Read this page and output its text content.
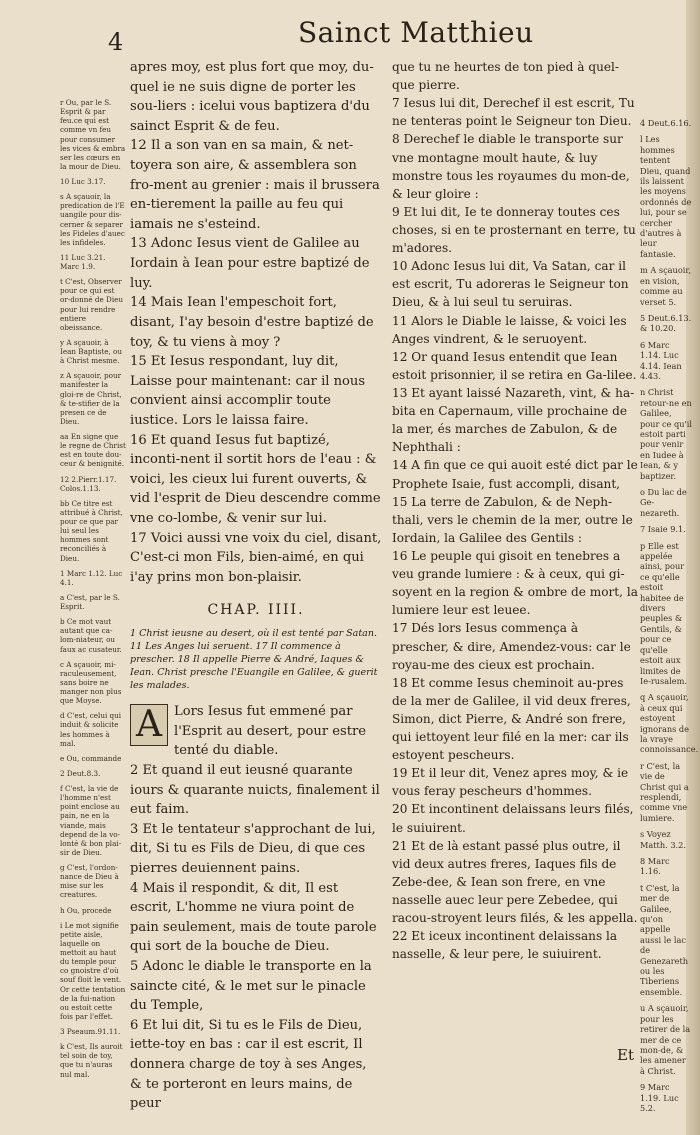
4	Sainct Matthieu
r Ou, par le S. Esprit & par feu.ce qui est comme vn feu pour consumer les vices & embra ser les cœurs en la mour de Dieu.
10 Luc 3.17.
s A sçauoir, la predication de l'E uangile pour dis-cerner & separer les Fideles d'auec les infideles.
11 Luc 3.21. Marc 1.9.
t C'est, Observer pour ce qui est or-donné de Dieu pour lui rendre entiere obeissance.
y A sçauoir, à Iean Baptiste, ou à Christ mesme.
z A sçauoir, pour manifester la gloi-re de Christ, & te-stifier de la presen ce de Dieu.
aa En signe que le regne de Christ est en toute dou-ceur & benignité.
12 2.Pierr.1.17. Colos.1.13.
bb Ce titre est attribué à Christ, pour ce que par lui seul les hommes sont reconciliés à Dieu.
1 Marc 1.12. Luc 4.1.
a C'est, par le S. Esprit.
b Ce mot vaut autant que ca-lom-niateur, ou faux ac cusateur.
c A sçauoir, mi-raculeusement, sans boire ne manger non plus que Moyse.
d C'est, celui qui induit & solicite les hommes à mal.
e Ou, commande
2 Deut.8.3.
f C'est, la vie de l'homme n'est point enclose au pain, ne en la viande, mais depend de la vo-lonté & bon plai-sir de Dieu.
g C'est, l'ordon-nance de Dieu à mise sur les creatures.
h Ou, procede
i Le mot signifie petite aisle, laquelle on mettoit au haut du temple pour co gnoistre d'où souf floit le vent. Or cette tentation de la fui-nation ou estoit cette fois par l'effet.
3 Pseaum.91.11.
k C'est, Ils auroit tel soin de toy, que tu n'auras nul mal.
4 Deut.6.16.
l Les hommes tentent Dieu, quand ils laissent les moyens ordonnés de lui, pour se cercher d'autres à leur fantasie.
m A sçauoir, en vision, comme au verset 5.
5 Deut.6.13. & 10.20.
6 Marc 1.14. Luc 4.14. Iean 4.43.
n Christ retour-ne en Galilee, pour ce qu'il estoit parti pour venir en Iudee à Iean, & y baptizer.
o Du lac de Ge-nezareth.
7 Isaie 9.1.
p Elle est appelée ainsi, pour ce qu'elle estoit habitee de divers peuples & Gentils, & pour ce qu'elle estoit aux limites de Ie-rusalem.
q A sçauoir, à ceux qui estoyent ignorans de la vraye connoissance.
r C'est, la vie de Christ qui a resplendi, comme vne lumiere.
s Voyez Matth. 3.2.
8 Marc 1.16.
t C'est, la mer de Galilee, qu'on appelle aussi le lac de Genezareth ou les Tiberiens ensemble.
u A sçauoir, pour les retirer de la mer de ce mon-de, & les amener à Christ.
9 Marc 1.19. Luc 5.2.
apres moy, est plus fort que moy, du-quel ie ne suis digne de porter les sou-liers : icelui vous baptizera d'du sainct Esprit & de feu.
12 Il a son van en sa main, & net-toyera son aire, & assemblera son fro-ment au grenier : mais il brussera en-tierement la paille au feu qui iamais ne s'esteind.
13 Adonc Iesus vient de Galilee au Iordain à Iean pour estre baptizé de luy.
14 Mais Iean l'empeschoit fort, disant, I'ay besoin d'estre baptizé de toy, & tu viens à moy ?
15 Et Iesus respondant, luy dit, Laisse pour maintenant: car il nous convient ainsi accomplir toute iustice. Lors le laissa faire.
16 Et quand Iesus fut baptizé, inconti-nent il sortit hors de l'eau : & voici, les cieux lui furent ouverts, & vid l'esprit de Dieu descendre comme vne co-lombe, & venir sur lui.
17 Voici aussi vne voix du ciel, disant, C'est-ci mon Fils, bien-aimé, en qui i'ay prins mon bon-plaisir.
CHAP. IIII.
1 Christ ieusne au desert, où il est tenté par Satan. 11 Les Anges lui seruent. 17 Il commence à prescher. 18 Il appelle Pierre & André, Iaques & Iean. Christ presche l'Euangile en Galilee, & guerit les malades.
A Lors Iesus fut emmené par l'Esprit au desert, pour estre tenté du diable.
2 Et quand il eut ieusné quarante iours & quarante nuicts, finalement il eut faim.
3 Et le tentateur s'approchant de lui, dit, Si tu es Fils de Dieu, di que ces pierres deuiennent pains.
4 Mais il respondit, & dit, Il est escrit, L'homme ne viura point de pain seulement, mais de toute parole qui sort de la bouche de Dieu.
5 Adonc le diable le transporte en la saincte cité, & le met sur le pinacle du Temple,
6 Et lui dit, Si tu es le Fils de Dieu, iette-toy en bas : car il est escrit, Il donnera charge de toy à ses Anges, & te porteront en leurs mains, de peur
que tu ne heurtes de ton pied à quel-que pierre.
7 Iesus lui dit, Derechef il est escrit, Tu ne tenteras point le Seigneur ton Dieu.
8 Derechef le diable le transporte sur vne montagne moult haute, & luy monstre tous les royaumes du mon-de, & leur gloire :
9 Et lui dit, Ie te donneray toutes ces choses, si en te prosternant en terre, tu m'adores.
10 Adonc Iesus lui dit, Va Satan, car il est escrit, Tu adoreras le Seigneur ton Dieu, & à lui seul tu seruiras.
11 Alors le Diable le laisse, & voici les Anges vindrent, & le seruoyent.
12 Or quand Iesus entendit que Iean estoit prisonnier, il se retira en Ga-lilee.
13 Et ayant laissé Nazareth, vint, & ha-bita en Capernaum, ville prochaine de la mer, és marches de Zabulon, & de Nephthali :
14 A fin que ce qui auoit esté dict par le Prophete Isaie, fust accompli, disant,
15 La terre de Zabulon, & de Neph-thali, vers le chemin de la mer, outre le Iordain, la Galilee des Gentils :
16 Le peuple qui gisoit en tenebres a veu grande lumiere : & à ceux, qui gi-soyent en la region & ombre de mort, la lumiere leur est leuee.
17 Dés lors Iesus commença à prescher, & dire, Amendez-vous: car le royau-me des cieux est prochain.
18 Et comme Iesus cheminoit au-pres de la mer de Galilee, il vid deux freres, Simon, dict Pierre, & André son frere, qui iettoyent leur filé en la mer: car ils estoyent pescheurs.
19 Et il leur dit, Venez apres moy, & ie vous feray pescheurs d'hommes.
20 Et incontinent delaissans leurs filés, le suiuirent.
21 Et de là estant passé plus outre, il vid deux autres freres, Iaques fils de Zebe-dee, & Iean son frere, en vne nasselle auec leur pere Zebedee, qui racou-stroyent leurs filés, & les appella.
22 Et iceux incontinent delaissans la nasselle, & leur pere, le suiuirent.
Et
